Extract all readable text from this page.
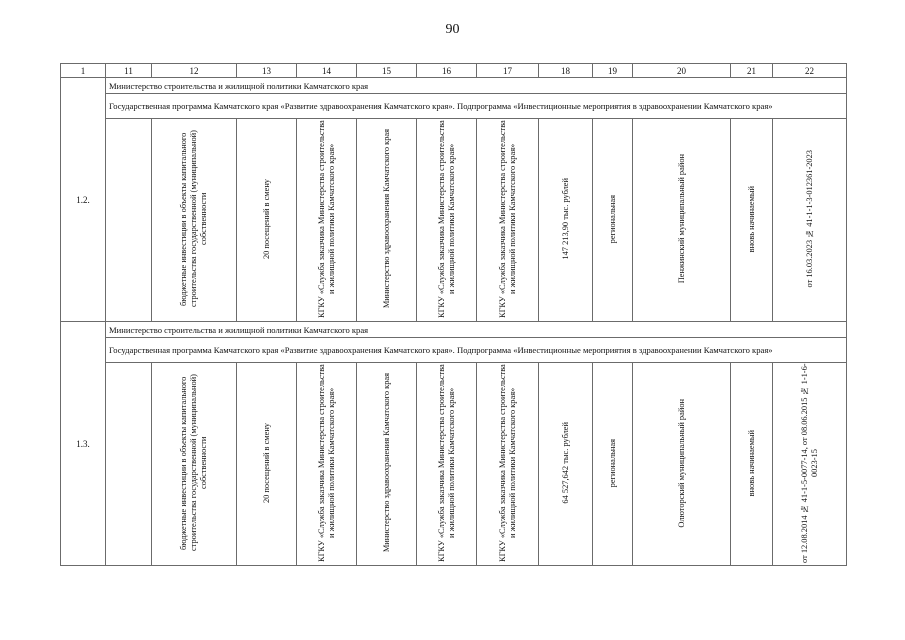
90
1	11	12	13	14	15	16	17	18	19	20	21	22
1.2.	Министерство строительства и жилищной политики Камчатского края											
	Государственная программа Камчатского края «Развитие здравоохранения Камчатского края». Подпрограмма «Инвестиционные мероприятия в здравоохранении Камчатского края»											
		бюджетные инвестиции в объекты капитального строительства государственной (муниципальной) собственности	20 посещений в смену	КГКУ «Служба заказчика Министерства строительства и жилищной политики Камчатского края»	Министерство здравоохранения Камчатского края	КГКУ «Служба заказчика Министерства строительства и жилищной политики Камчатского края»	КГКУ «Служба заказчика Министерства строительства и жилищной политики Камчатского края»	147 213,90 тыс. рублей	региональная	Пенжинский муниципальный район	вновь начинаемый	от 16.03.2023 № 41-1-1-3-012361-2023
1.3.	Министерство строительства и жилищной политики Камчатского края											
	Государственная программа Камчатского края «Развитие здравоохранения Камчатского края». Подпрограмма «Инвестиционные мероприятия в здравоохранении Камчатского края»											
		бюджетные инвестиции в объекты капитального строительства государственной (муниципальной) собственности	20 посещений в смену	КГКУ «Служба заказчика Министерства строительства и жилищной политики Камчатского края»	Министерство здравоохранения Камчатского края	КГКУ «Служба заказчика Министерства строительства и жилищной политики Камчатского края»	КГКУ «Служба заказчика Министерства строительства и жилищной политики Камчатского края»	64 527,642 тыс. рублей	региональная	Олюторский муниципальный район	вновь начинаемый	от 12.08.2014 № 41-1-5-0077-14, от 08.06.2015 № 1-1-6-0023-15
